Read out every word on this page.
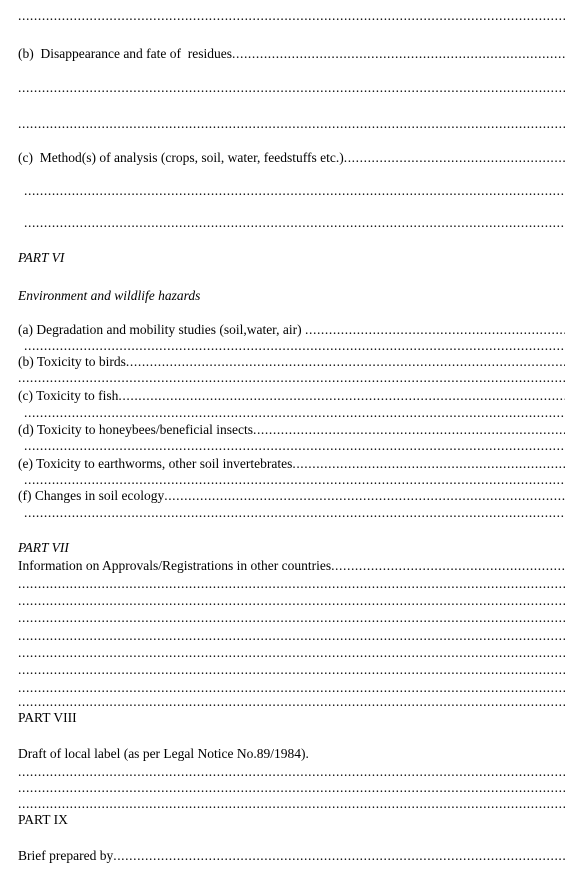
.....
(b)  Disappearance and fate of  residues .....
.....
.....
(c)  Method(s) of analysis (crops, soil, water, feedstuffs etc.) .....
.....
.....
PART VI
Environment and wildlife hazards
(a) Degradation and mobility studies (soil,water, air)  .....
.....
(b) Toxicity to birds .....
.....
(c) Toxicity to fish .....
.....
(d) Toxicity to honeybees/beneficial insects .....
.....
(e) Toxicity to earthworms, other soil invertebrates .....
.....
(f) Changes in soil ecology .....
.....
PART VII
Information on Approvals/Registrations in other countries .....
.....
.....
.....
.....
.....
.....
.....
.....
PART VIII
Draft of local label (as per Legal Notice No.89/1984).
.....
.....
.....
PART IX
Brief prepared by .....
